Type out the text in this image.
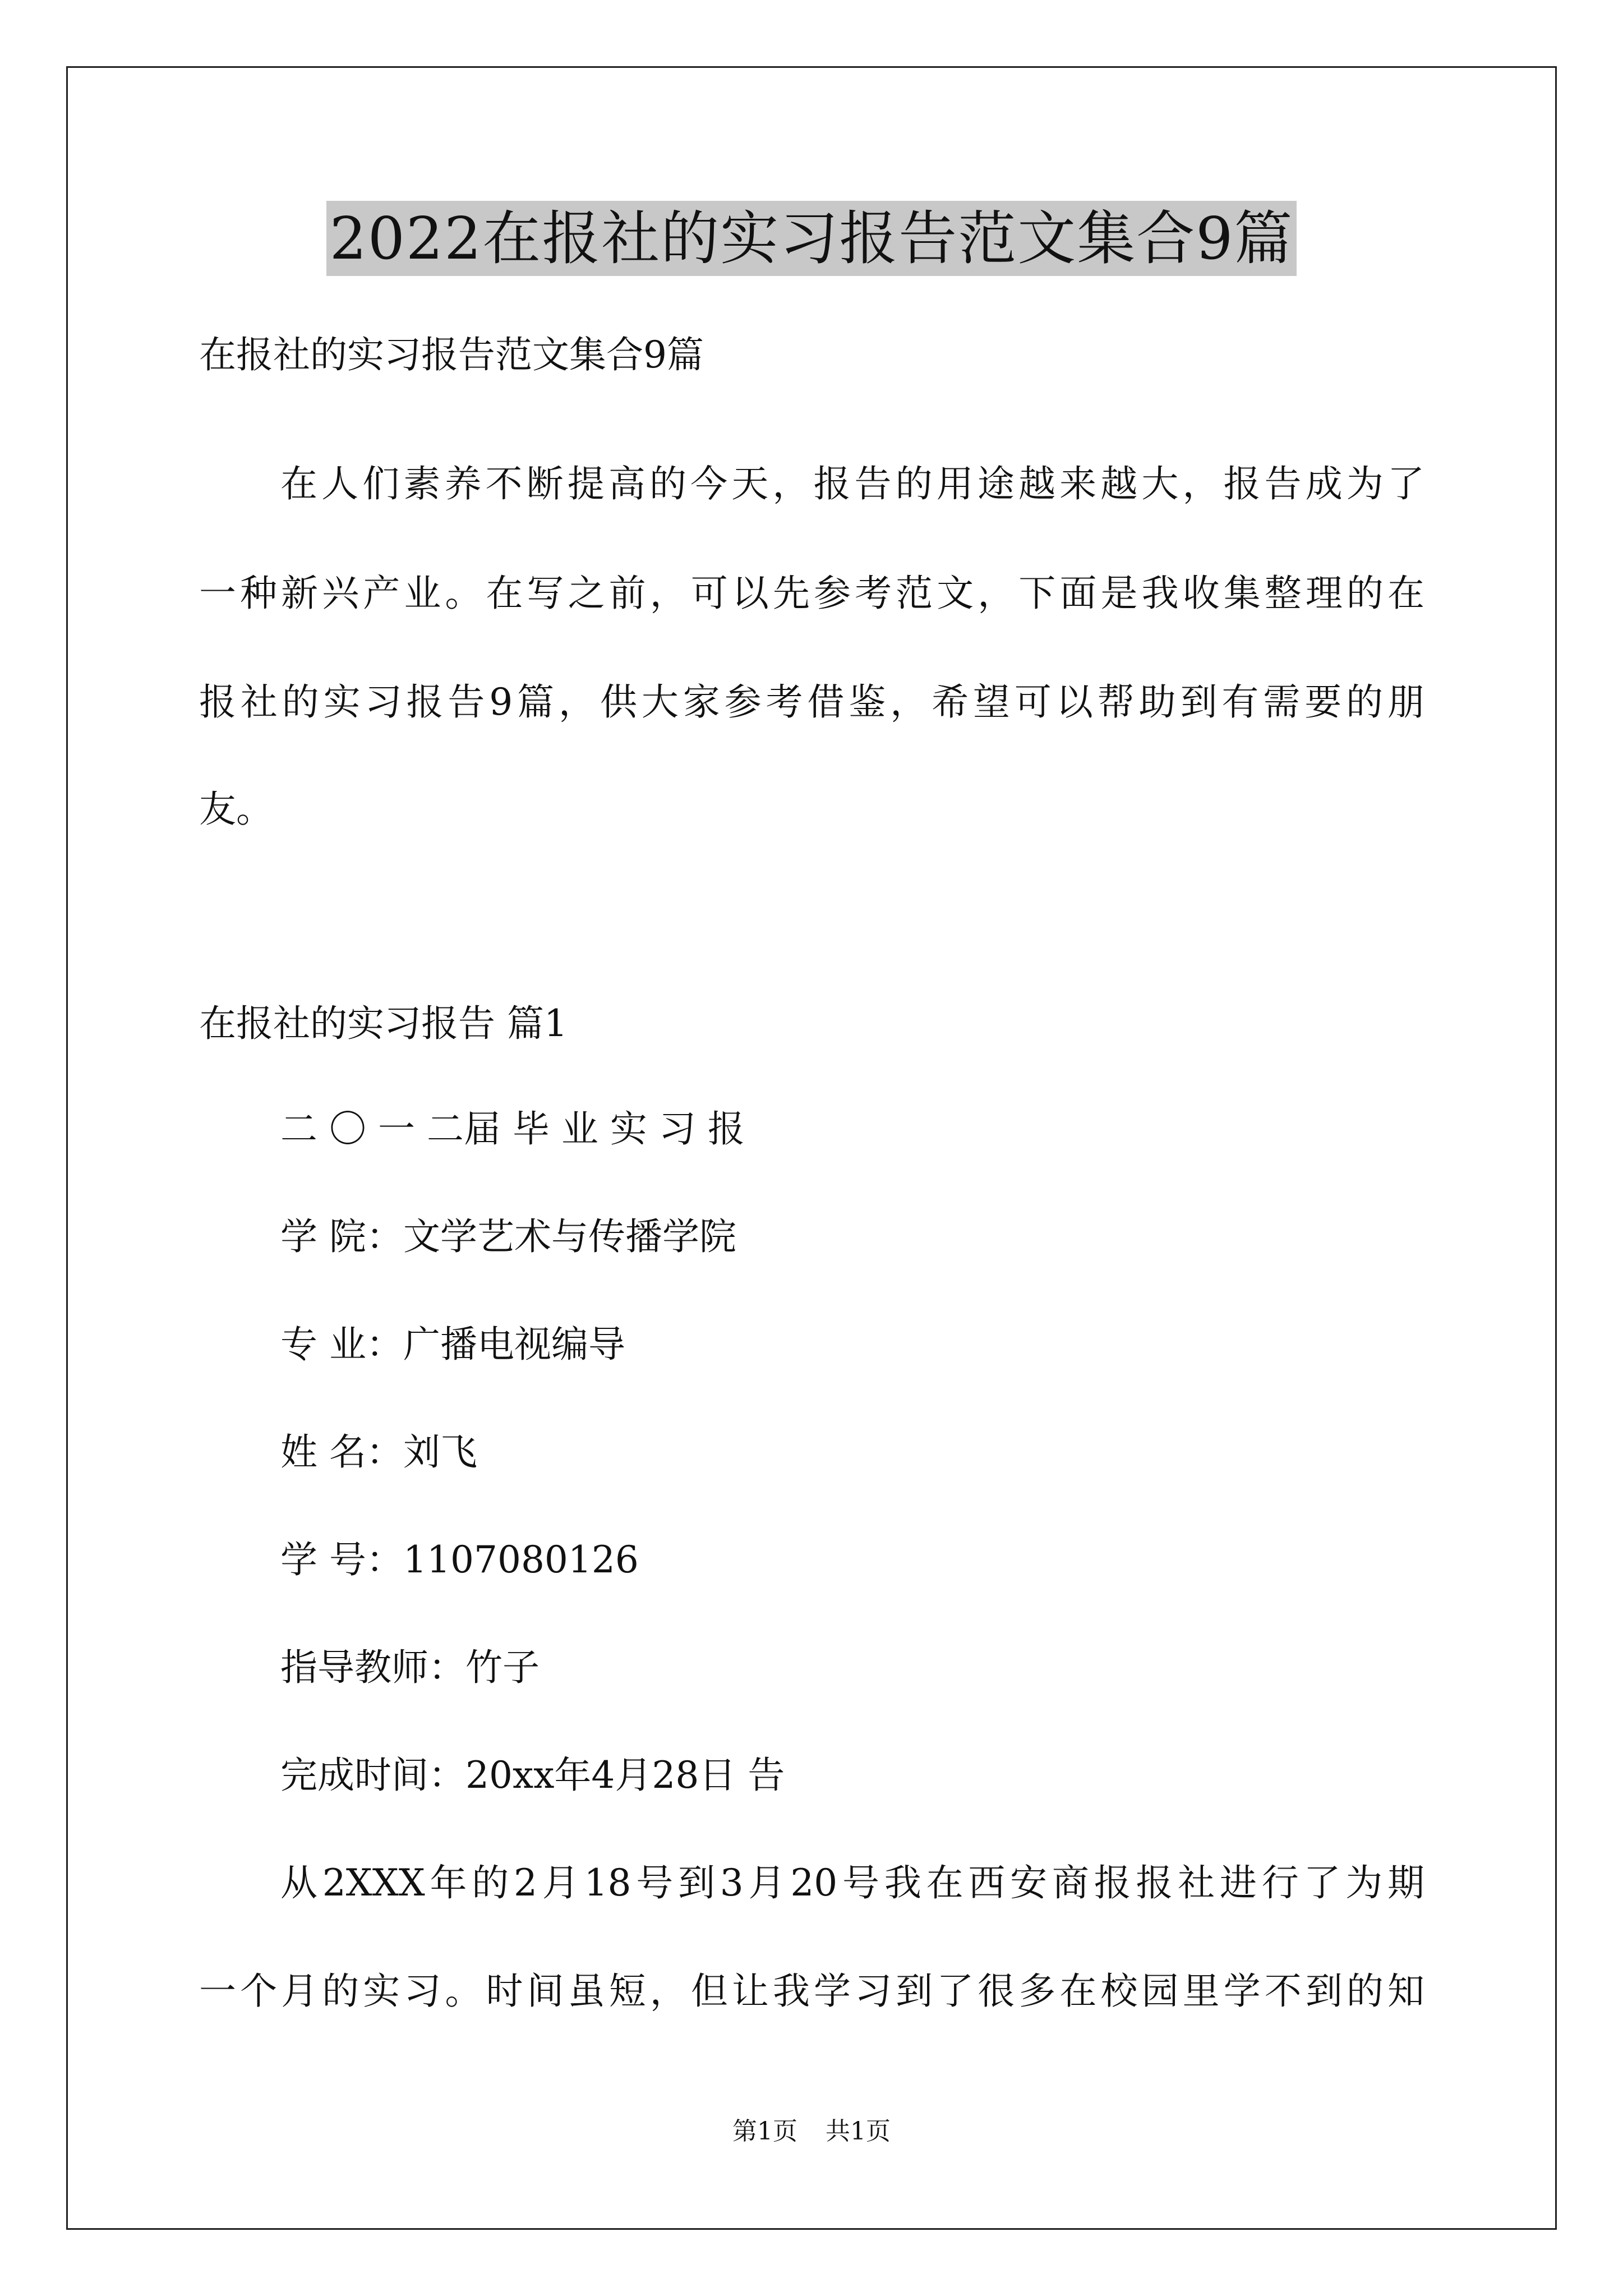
2022在报社的实习报告范文集合9篇

在报社的实习报告范文集合9篇

在人们素养不断提高的今天，报告的用途越来越大，报告成为了

一种新兴产业。在写之前，可以先参考范文，下面是我收集整理的在

报社的实习报告9篇，供大家参考借鉴，希望可以帮助到有需要的朋

友。

在报社的实习报告 篇1

二 〇 一 二届 毕 业 实 习 报

学 院：文学艺术与传播学院

专 业：广播电视编导

姓 名：刘飞

学 号：1107080126

指导教师：竹子

完成时间：20xx年4月28日 告

从2XXX年的2月18号到3月20号我在西安商报报社进行了为期

一个月的实习。时间虽短，但让我学习到了很多在校园里学不到的知

第1页 共1页
